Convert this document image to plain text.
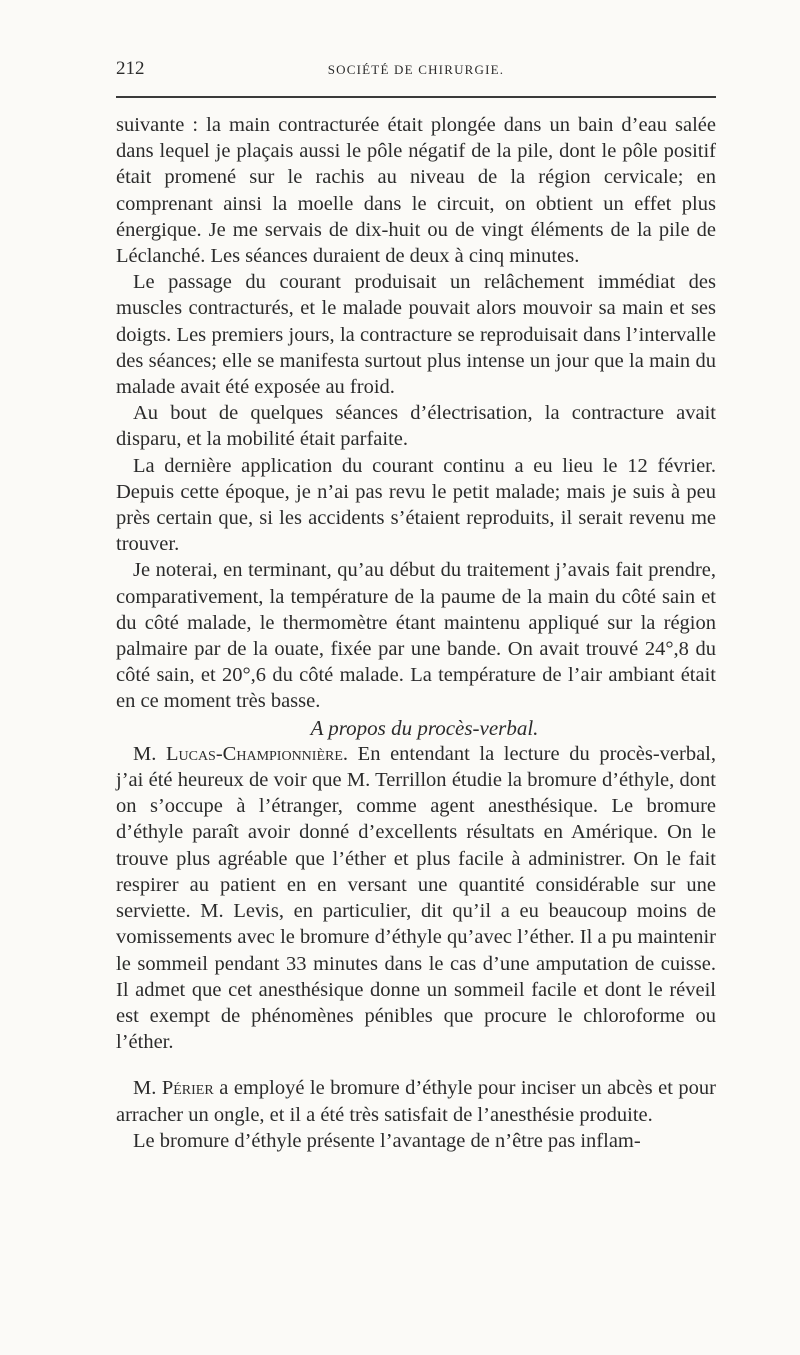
212	SOCIÉTÉ DE CHIRURGIE.

suivante : la main contracturée était plongée dans un bain d’eau salée dans lequel je plaçais aussi le pôle négatif de la pile, dont le pôle positif était promené sur le rachis au niveau de la région cervicale; en comprenant ainsi la moelle dans le circuit, on obtient un effet plus énergique. Je me servais de dix-huit ou de vingt éléments de la pile de Léclanché. Les séances duraient de deux à cinq minutes.

Le passage du courant produisait un relâchement immédiat des muscles contracturés, et le malade pouvait alors mouvoir sa main et ses doigts. Les premiers jours, la contracture se reproduisait dans l’intervalle des séances; elle se manifesta surtout plus intense un jour que la main du malade avait été exposée au froid.

Au bout de quelques séances d’électrisation, la contracture avait disparu, et la mobilité était parfaite.

La dernière application du courant continu a eu lieu le 12 février. Depuis cette époque, je n’ai pas revu le petit malade; mais je suis à peu près certain que, si les accidents s’étaient reproduits, il serait revenu me trouver.

Je noterai, en terminant, qu’au début du traitement j’avais fait prendre, comparativement, la température de la paume de la main du côté sain et du côté malade, le thermomètre étant maintenu appliqué sur la région palmaire par de la ouate, fixée par une bande. On avait trouvé 24°,8 du côté sain, et 20°,6 du côté malade. La température de l’air ambiant était en ce moment très basse.

A propos du procès-verbal.

M. Lucas-Championnière. En entendant la lecture du procès-verbal, j’ai été heureux de voir que M. Terrillon étudie la bromure d’éthyle, dont on s’occupe à l’étranger, comme agent anesthésique. Le bromure d’éthyle paraît avoir donné d’excellents résultats en Amérique. On le trouve plus agréable que l’éther et plus facile à administrer. On le fait respirer au patient en en versant une quantité considérable sur une serviette. M. Levis, en particulier, dit qu’il a eu beaucoup moins de vomissements avec le bromure d’éthyle qu’avec l’éther. Il a pu maintenir le sommeil pendant 33 minutes dans le cas d’une amputation de cuisse. Il admet que cet anesthésique donne un sommeil facile et dont le réveil est exempt de phénomènes pénibles que procure le chloroforme ou l’éther.

M. Périer a employé le bromure d’éthyle pour inciser un abcès et pour arracher un ongle, et il a été très satisfait de l’anesthésie produite.

Le bromure d’éthyle présente l’avantage de n’être pas inflam-
